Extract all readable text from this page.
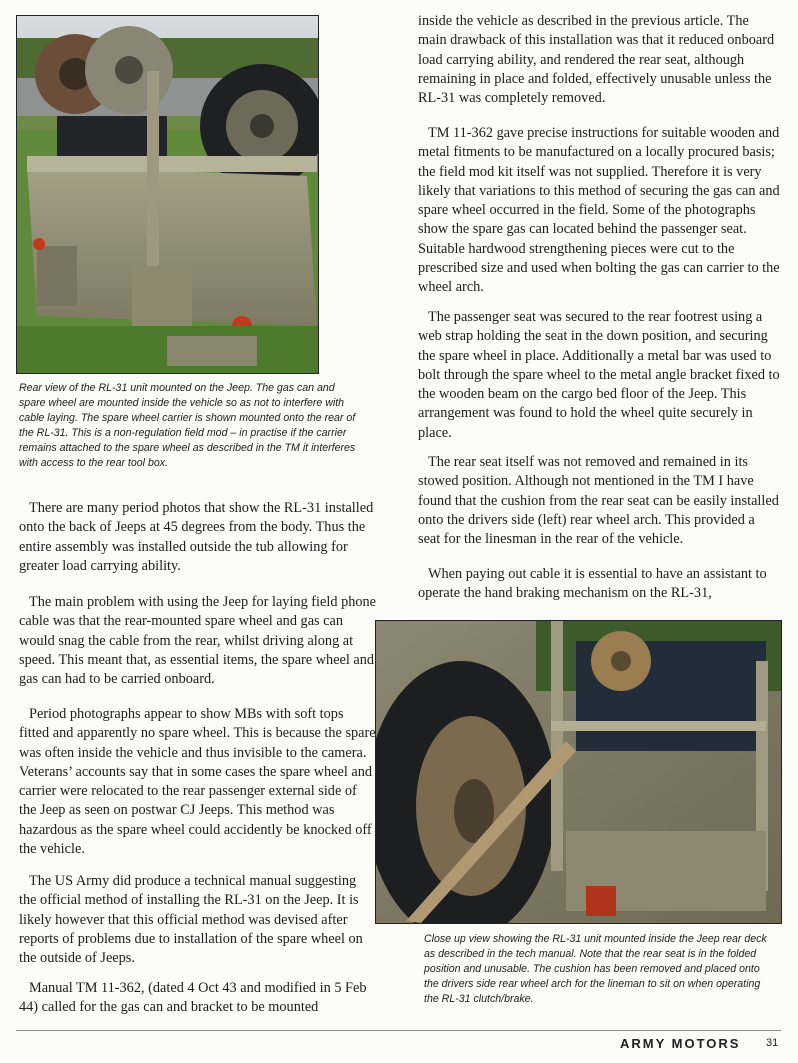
Rear view of the RL-31 unit mounted on the Jeep. The gas can and spare wheel are mounted inside the vehicle so as not to interfere with cable laying. The spare wheel carrier is shown mounted onto the rear of the RL-31. This is a non-regulation field mod – in practise if the carrier remains attached to the spare wheel as described in the TM it interferes with access to the rear tool box.

There are many period photos that show the RL-31 installed onto the back of Jeeps at 45 degrees from the body. Thus the entire assembly was installed outside the tub allowing for greater load carrying ability.

The main problem with using the Jeep for laying field phone cable was that the rear-mounted spare wheel and gas can would snag the cable from the rear, whilst driving along at speed. This meant that, as essential items, the spare wheel and gas can had to be carried onboard.

Period photographs appear to show MBs with soft tops fitted and apparently no spare wheel. This is because the spare was often inside the vehicle and thus invisible to the camera. Veterans’ accounts say that in some cases the spare wheel and carrier were relocated to the rear passenger external side of the Jeep as seen on postwar CJ Jeeps. This method was hazardous as the spare wheel could accidently be knocked off the vehicle.

The US Army did produce a technical manual suggesting the official method of installing the RL-31 on the Jeep. It is likely however that this official method was devised after reports of problems due to installation of the spare wheel on the outside of Jeeps.

Manual TM 11-362, (dated 4 Oct 43 and modified in 5 Feb 44) called for the gas can and bracket to be mounted

inside the vehicle as described in the previous article. The main drawback of this installation was that it reduced onboard load carrying ability, and rendered the rear seat, although remaining in place and folded, effectively unusable unless the RL-31 was completely removed.

TM 11-362 gave precise instructions for suitable wooden and metal fitments to be manufactured on a locally procured basis; the field mod kit itself was not supplied. Therefore it is very likely that variations to this method of securing the gas can and spare wheel occurred in the field. Some of the photographs show the spare gas can located behind the passenger seat. Suitable hardwood strengthening pieces were cut to the prescribed size and used when bolting the gas can carrier to the wheel arch.

The passenger seat was secured to the rear footrest using a web strap holding the seat in the down position, and securing the spare wheel in place. Additionally a metal bar was used to bolt through the spare wheel to the metal angle bracket fixed to the wooden beam on the cargo bed floor of the Jeep. This arrangement was found to hold the wheel quite securely in place.

The rear seat itself was not removed and remained in its stowed position. Although not mentioned in the TM I have found that the cushion from the rear seat can be easily installed onto the drivers side (left) rear wheel arch. This provided a seat for the linesman in the rear of the vehicle.

When paying out cable it is essential to have an assistant to operate the hand braking mechanism on the RL-31,

Close up view showing the RL-31 unit mounted inside the Jeep rear deck as described in the tech manual. Note that the rear seat is in the folded position and unusable. The cushion has been removed and placed onto the drivers side rear wheel arch for the lineman to sit on when operating the RL-31 clutch/brake.

ARMY MOTORS 31
